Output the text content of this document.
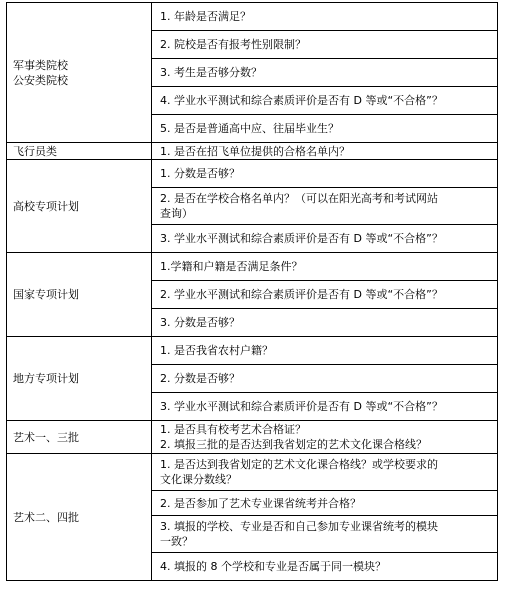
军事类院校
公安类院校	1. 年龄是否满足？

	2. 院校是否有报考性别限制？

	3. 考生是否够分数？

	4. 学业水平测试和综合素质评价是否有 D 等或“不合格”？

	5. 是否是普通高中应、往届毕业生？

飞行员类	1. 是否在招飞单位提供的合格名单内？

高校专项计划	1. 分数是否够？

	2. 是否在学校合格名单内？（可以在阳光高考和考试网站
查询）

	3. 学业水平测试和综合素质评价是否有 D 等或“不合格”？

国家专项计划	1.学籍和户籍是否满足条件？

	2. 学业水平测试和综合素质评价是否有 D 等或“不合格”？

	3. 分数是否够？

地方专项计划	1. 是否我省农村户籍？

	2. 分数是否够？

	3. 学业水平测试和综合素质评价是否有 D 等或“不合格”？

艺术一、三批	1. 是否具有校考艺术合格证？
2. 填报三批的是否达到我省划定的艺术文化课合格线？

艺术二、四批	1. 是否达到我省划定的艺术文化课合格线？或学校要求的
文化课分数线？

	2. 是否参加了艺术专业课省统考并合格？

	3. 填报的学校、专业是否和自己参加专业课省统考的模块
一致？

	4. 填报的 8 个学校和专业是否属于同一模块？
